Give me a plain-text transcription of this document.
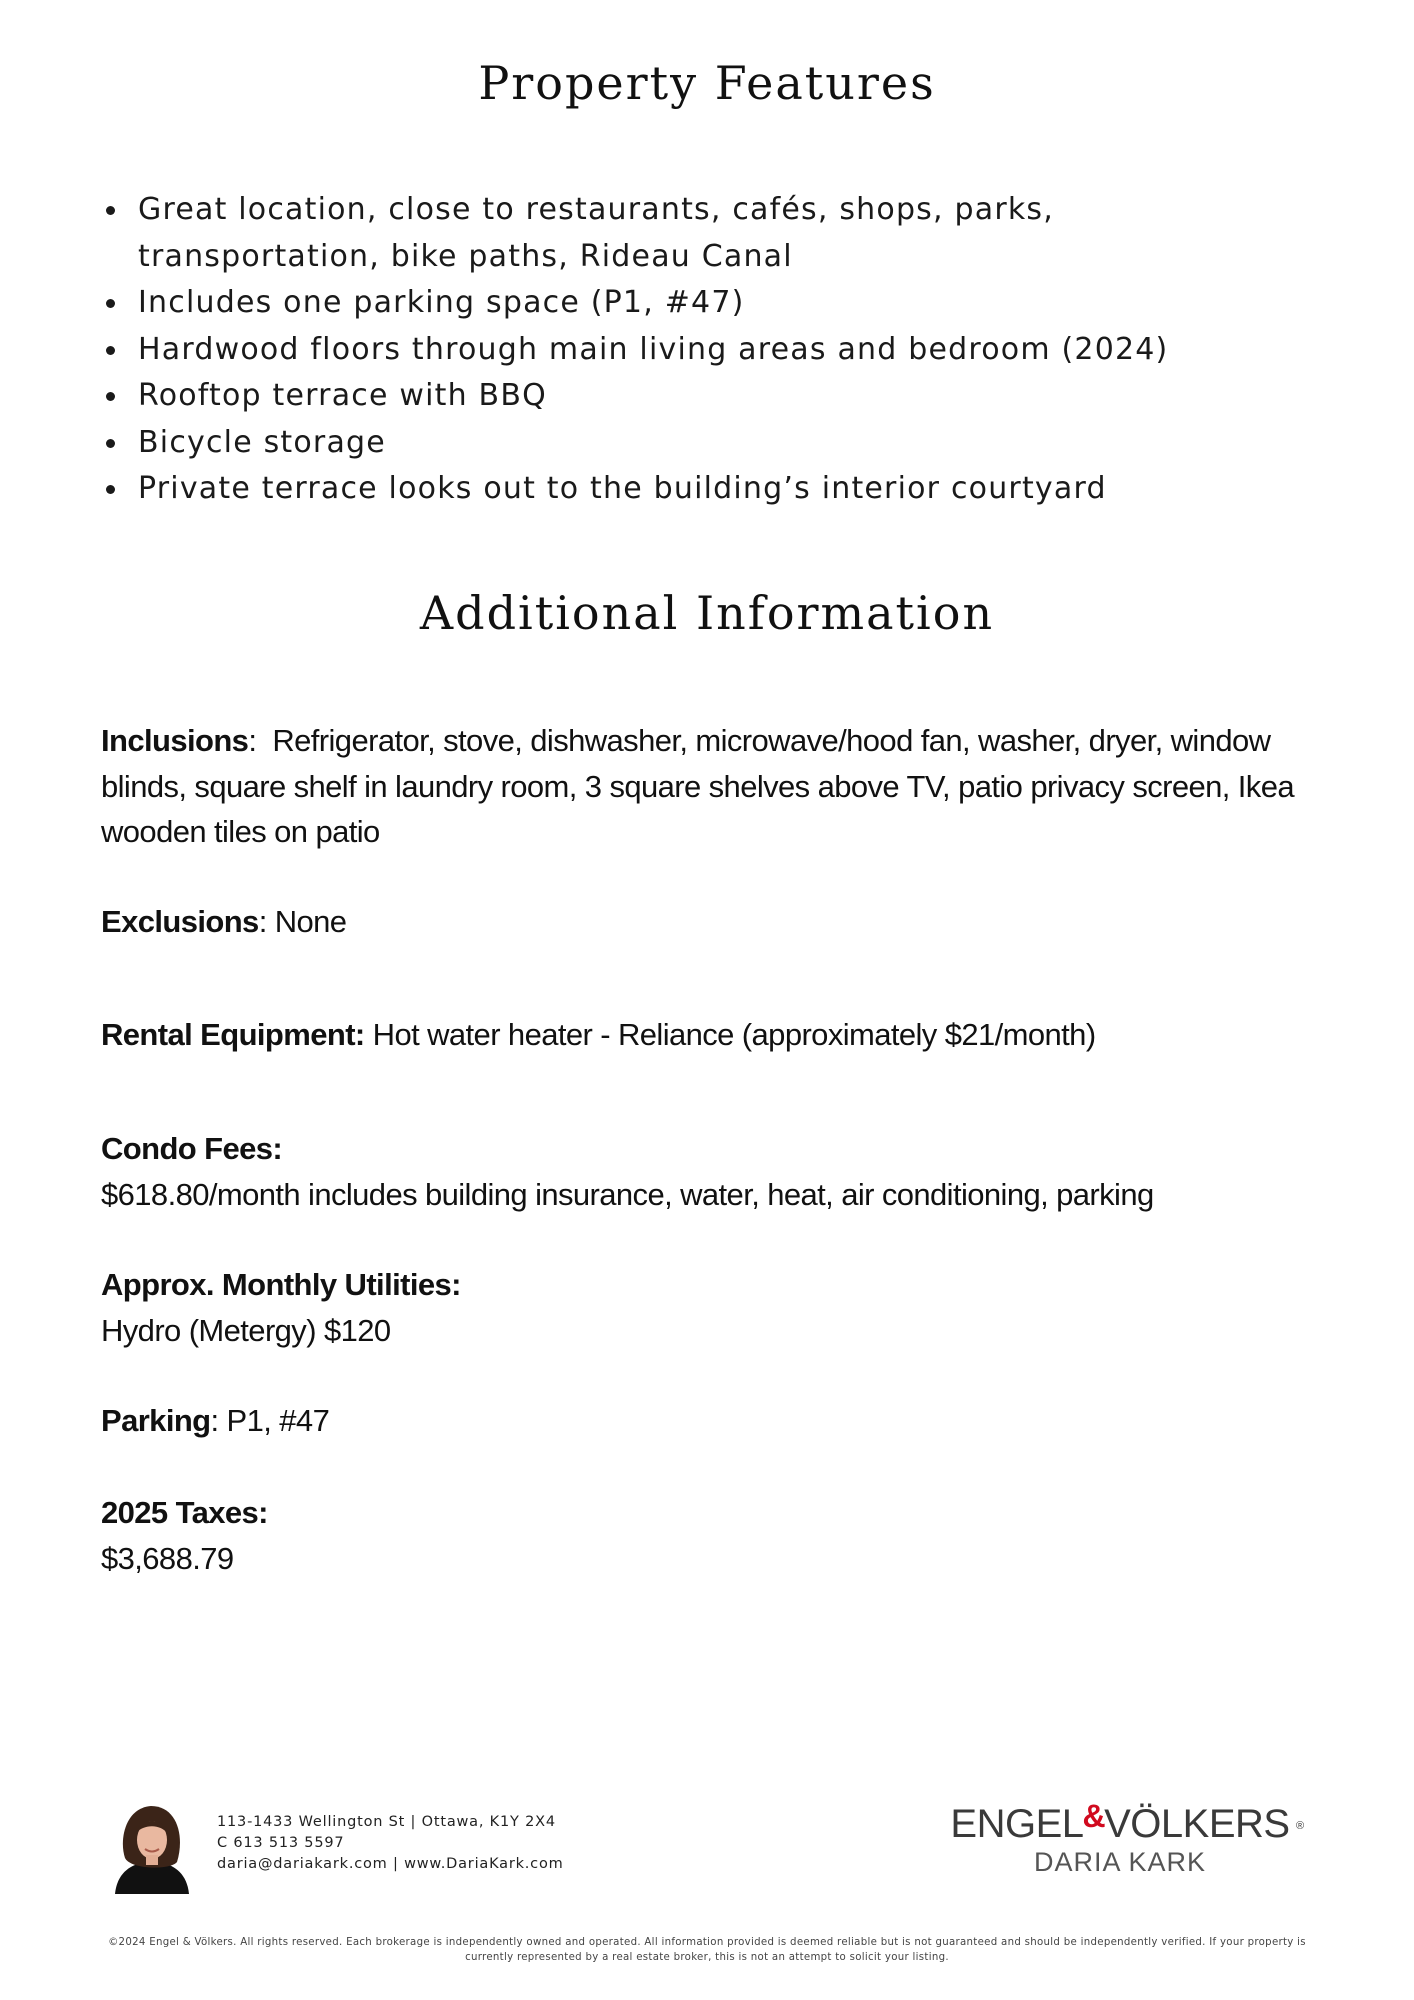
Property Features
Great location, close to restaurants, cafés, shops, parks, transportation, bike paths, Rideau Canal
Includes one parking space (P1, #47)
Hardwood floors through main living areas and bedroom (2024)
Rooftop terrace with BBQ
Bicycle storage
Private terrace looks out to the building’s interior courtyard
Additional Information

Inclusions:  Refrigerator, stove, dishwasher, microwave/hood fan, washer, dryer, window blinds, square shelf in laundry room, 3 square shelves above TV, patio privacy screen, Ikea wooden tiles on patio

Exclusions: None

Rental Equipment: Hot water heater - Reliance (approximately $21/month)

Condo Fees:
$618.80/month includes building insurance, water, heat, air conditioning, parking
Approx. Monthly Utilities:
Hydro (Metergy) $120

Parking: P1, #47

2025 Taxes:
$3,688.79
113-1433 Wellington St | Ottawa, K1Y 2X4
C 613 513 5597
daria@dariakark.com | www.DariaKark.com
ENGEL&VÖLKERS ®
DARIA KARK
©2024 Engel & Völkers. All rights reserved. Each brokerage is independently owned and operated. All information provided is deemed reliable but is not guaranteed and should be independently verified. If your property is
currently represented by a real estate broker, this is not an attempt to solicit your listing.
